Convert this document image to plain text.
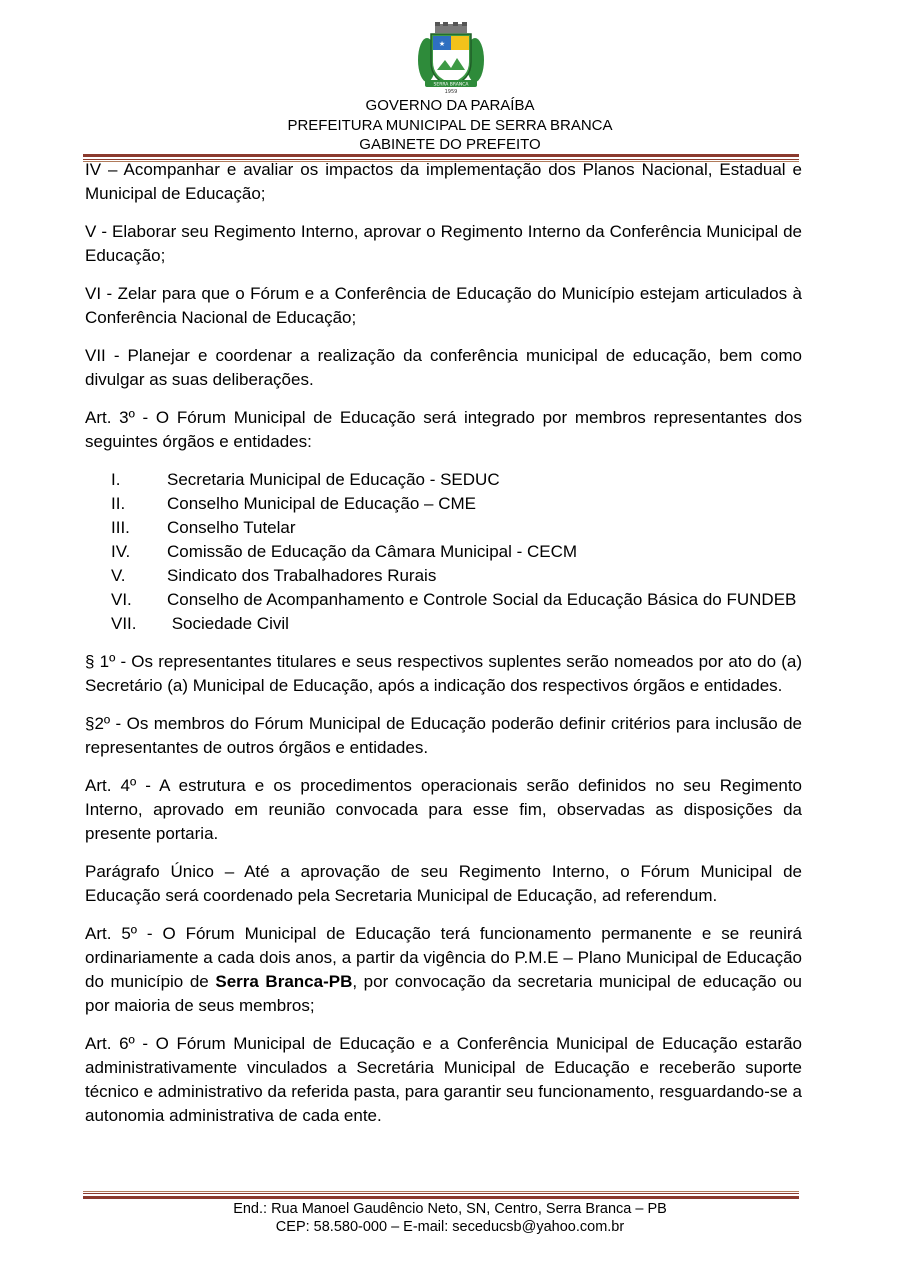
★
SERRA BRANCA
1959
GOVERNO DA PARAÍBA
PREFEITURA MUNICIPAL DE SERRA BRANCA
GABINETE DO PREFEITO

IV – Acompanhar e avaliar os impactos da implementação dos Planos Nacional, Estadual e Municipal de Educação;

V - Elaborar seu Regimento Interno, aprovar o Regimento Interno da Conferência Municipal de Educação;

VI - Zelar para que o Fórum e a Conferência de Educação do Município estejam articulados à Conferência Nacional de Educação;

VII - Planejar e coordenar a realização da conferência municipal de educação, bem como divulgar as suas deliberações.

Art. 3º - O Fórum Municipal de Educação será integrado por membros representantes dos seguintes órgãos e entidades:

I.	Secretaria Municipal de Educação - SEDUC
II.	Conselho Municipal de Educação – CME
III.	Conselho Tutelar
IV.	Comissão de Educação da Câmara Municipal - CECM
V.	Sindicato dos Trabalhadores Rurais
VI.	Conselho de Acompanhamento e Controle Social da Educação Básica do FUNDEB
VII.	Sociedade Civil

§ 1º - Os representantes titulares e seus respectivos suplentes serão nomeados por ato do (a) Secretário (a) Municipal de Educação, após a indicação dos respectivos órgãos e entidades.

§2º - Os membros do Fórum Municipal de Educação poderão definir critérios para inclusão de representantes de outros órgãos e entidades.

Art. 4º - A estrutura e os procedimentos operacionais serão definidos no seu Regimento Interno, aprovado em reunião convocada para esse fim, observadas as disposições da presente portaria.

Parágrafo Único – Até a aprovação de seu Regimento Interno, o Fórum Municipal de Educação será coordenado pela Secretaria Municipal de Educação, ad referendum.

Art. 5º - O Fórum Municipal de Educação terá funcionamento permanente e se reunirá ordinariamente a cada dois anos, a partir da vigência do P.M.E – Plano Municipal de Educação do município de Serra Branca-PB, por convocação da secretaria municipal de educação ou por maioria de seus membros;

Art. 6º - O Fórum Municipal de Educação e a Conferência Municipal de Educação estarão administrativamente vinculados a Secretária Municipal de Educação e receberão suporte técnico e administrativo da referida pasta, para garantir seu funcionamento, resguardando-se a autonomia administrativa de cada ente.

End.: Rua Manoel Gaudêncio Neto, SN, Centro, Serra Branca – PB
CEP: 58.580-000 – E-mail: seceducsb@yahoo.com.br
